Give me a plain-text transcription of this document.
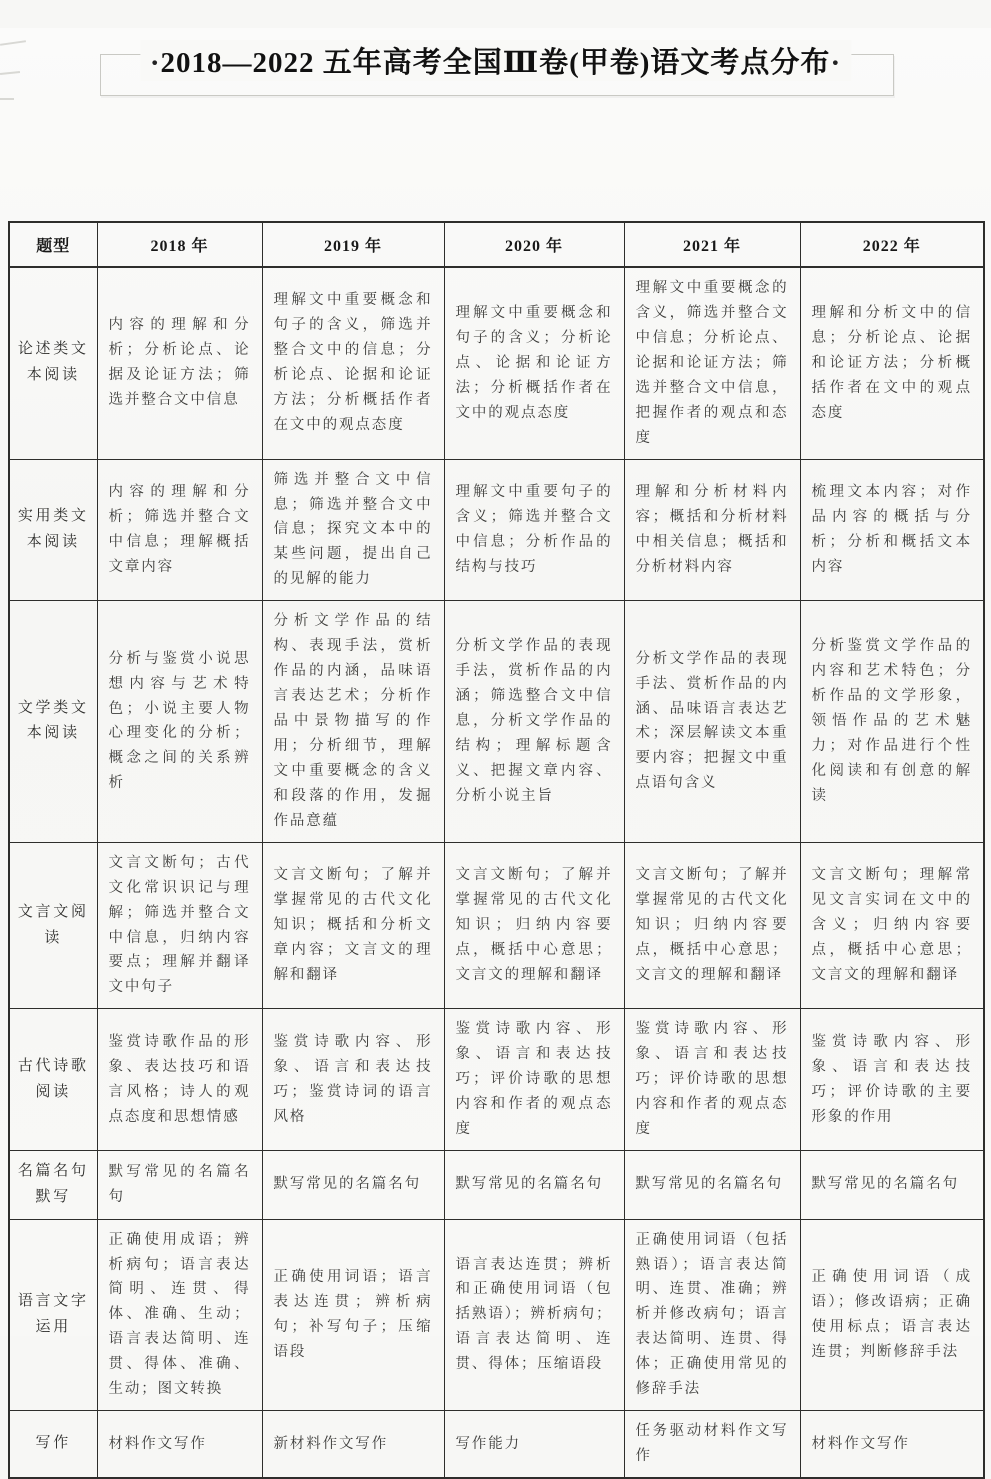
· 2018—2022 五年高考全国Ⅲ卷(甲卷)语文考点分布 ·
题型	2018 年	2019 年	2020 年	2021 年	2022 年
论述类文本阅读	内容的理解和分析；分析论点、论据及论证方法；筛选并整合文中信息	理解文中重要概念和句子的含义，筛选并整合文中的信息；分析论点、论据和论证方法；分析概括作者在文中的观点态度	理解文中重要概念和句子的含义；分析论点、论据和论证方法；分析概括作者在文中的观点态度	理解文中重要概念的含义，筛选并整合文中信息；分析论点、论据和论证方法；筛选并整合文中信息，把握作者的观点和态度	理解和分析文中的信息；分析论点、论据和论证方法；分析概括作者在文中的观点态度
实用类文本阅读	内容的理解和分析；筛选并整合文中信息；理解概括文章内容	筛选并整合文中信息；筛选并整合文中信息；探究文本中的某些问题，提出自己的见解的能力	理解文中重要句子的含义；筛选并整合文中信息；分析作品的结构与技巧	理解和分析材料内容；概括和分析材料中相关信息；概括和分析材料内容	梳理文本内容；对作品内容的概括与分析；分析和概括文本内容
文学类文本阅读	分析与鉴赏小说思想内容与艺术特色；小说主要人物心理变化的分析；概念之间的关系辨析	分析文学作品的结构、表现手法，赏析作品的内涵，品味语言表达艺术；分析作品中景物描写的作用；分析细节，理解文中重要概念的含义和段落的作用，发掘作品意蕴	分析文学作品的表现手法，赏析作品的内涵；筛选整合文中信息，分析文学作品的结构；理解标题含义、把握文章内容、分析小说主旨	分析文学作品的表现手法、赏析作品的内涵、品味语言表达艺术；深层解读文本重要内容；把握文中重点语句含义	分析鉴赏文学作品的内容和艺术特色；分析作品的文学形象，领悟作品的艺术魅力；对作品进行个性化阅读和有创意的解读
文言文阅读	文言文断句；古代文化常识识记与理解；筛选并整合文中信息，归纳内容要点；理解并翻译文中句子	文言文断句；了解并掌握常见的古代文化知识；概括和分析文章内容；文言文的理解和翻译	文言文断句；了解并掌握常见的古代文化知识；归纳内容要点，概括中心意思；文言文的理解和翻译	文言文断句；了解并掌握常见的古代文化知识；归纳内容要点，概括中心意思；文言文的理解和翻译	文言文断句；理解常见文言实词在文中的含义；归纳内容要点，概括中心意思；文言文的理解和翻译
古代诗歌阅读	鉴赏诗歌作品的形象、表达技巧和语言风格；诗人的观点态度和思想情感	鉴赏诗歌内容、形象、语言和表达技巧；鉴赏诗词的语言风格	鉴赏诗歌内容、形象、语言和表达技巧；评价诗歌的思想内容和作者的观点态度	鉴赏诗歌内容、形象、语言和表达技巧；评价诗歌的思想内容和作者的观点态度	鉴赏诗歌内容、形象、语言和表达技巧；评价诗歌的主要形象的作用
名篇名句默写	默写常见的名篇名句	默写常见的名篇名句	默写常见的名篇名句	默写常见的名篇名句	默写常见的名篇名句
语言文字运用	正确使用成语；辨析病句；语言表达简明、连贯、得体、准确、生动；语言表达简明、连贯、得体、准确、生动；图文转换	正确使用词语；语言表达连贯；辨析病句；补写句子；压缩语段	语言表达连贯；辨析和正确使用词语（包括熟语）；辨析病句；语言表达简明、连贯、得体；压缩语段	正确使用词语（包括熟语）；语言表达简明、连贯、准确；辨析并修改病句；语言表达简明、连贯、得体；正确使用常见的修辞手法	正确使用词语（成语）；修改语病；正确使用标点；语言表达连贯；判断修辞手法
写作	材料作文写作	新材料作文写作	写作能力	任务驱动材料作文写作	材料作文写作
